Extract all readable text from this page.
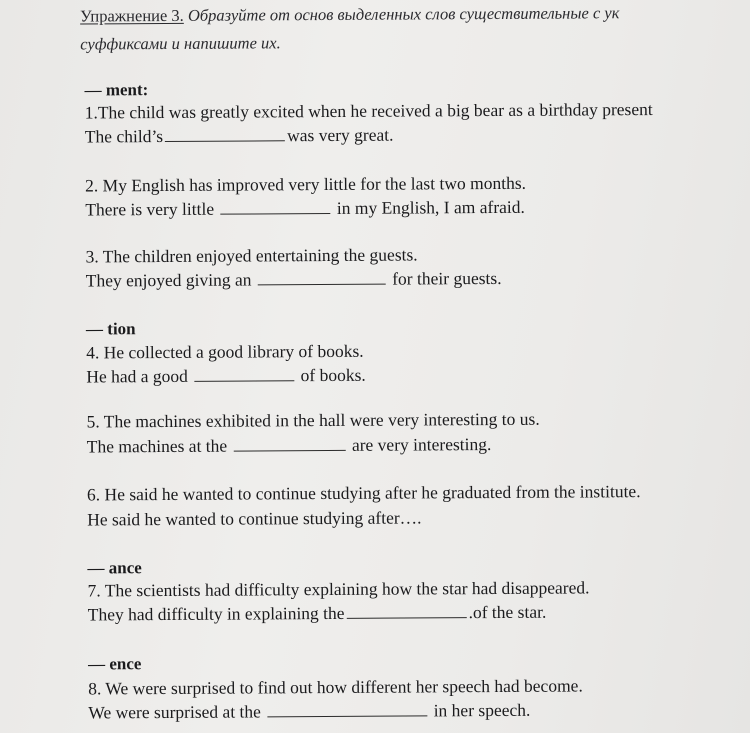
Упражнение 3. Образуйте от основ выделенных слов существительные с ук
суффиксами и напишите их.
— ment:
1.The child was greatly excited when he received a big bear as a birthday present
The child’s	was very great.
2. My English has improved very little for the last two months.
There is very little	in my English, I am afraid.
3. The children enjoyed entertaining the guests.
They enjoyed giving an	for their guests.
— tion
4. He collected a good library of books.
He had a good	of books.
5. The machines exhibited in the hall were very interesting to us.
The machines at the	are very interesting.
6. He said he wanted to continue studying after he graduated from the institute.
He said he wanted to continue studying after….
— ance
7. The scientists had difficulty explaining how the star had disappeared.
They had difficulty in explaining the	.of the star.
— ence
8. We were surprised to find out how different her speech had become.
We were surprised at the	in her speech.
